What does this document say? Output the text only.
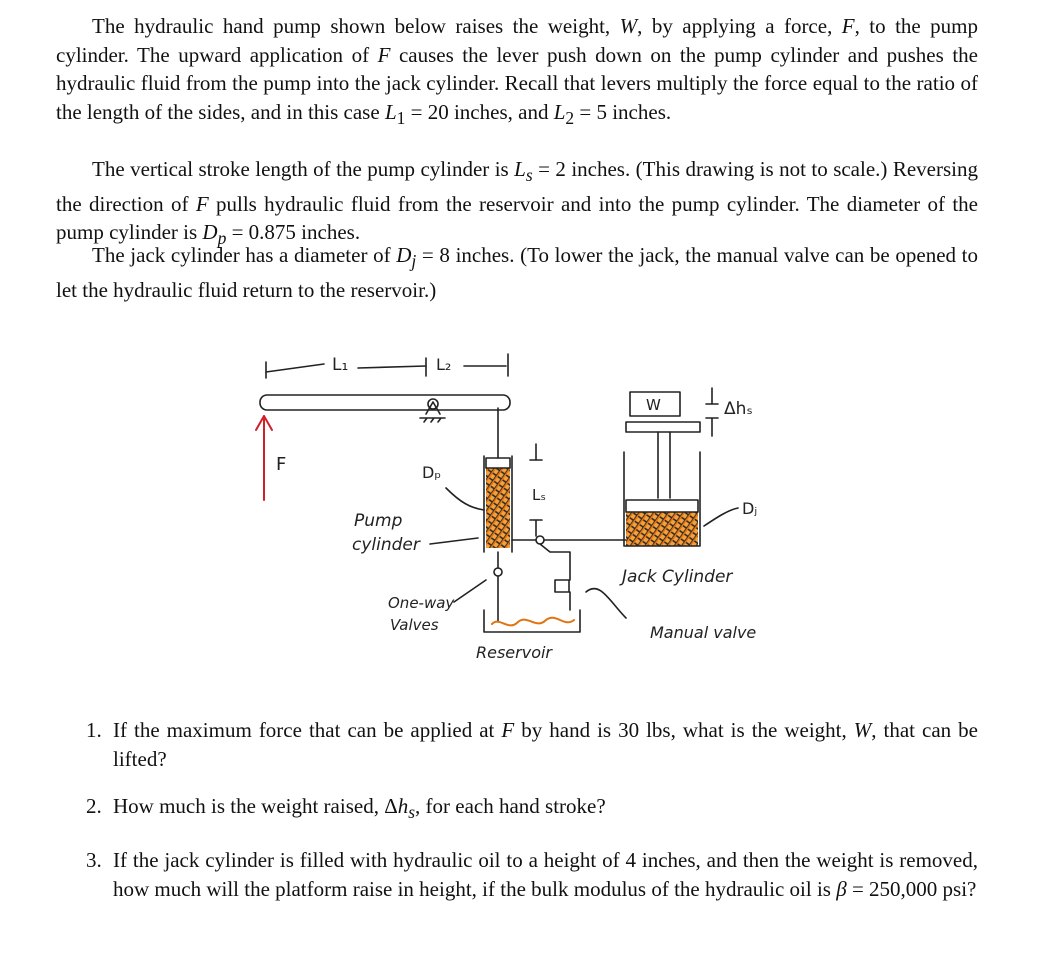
The hydraulic hand pump shown below raises the weight, W, by applying a force, F, to the pump cylinder. The upward application of F causes the lever push down on the pump cylinder and pushes the hydraulic fluid from the pump into the jack cylinder. Recall that levers multiply the force equal to the ratio of the length of the sides, and in this case $L_1 = 20$ inches, and $L_2 = 5$ inches.

The vertical stroke length of the pump cylinder is $L_s = 2$ inches. (This drawing is not to scale.) Reversing the direction of F pulls hydraulic fluid from the reservoir and into the pump cylinder. The diameter of the pump cylinder is $D_p = 0.875$ inches.

The jack cylinder has a diameter of $D_j = 8$ inches. (To lower the jack, the manual valve can be opened to let the hydraulic fluid return to the reservoir.)

L₁	L₂
F	Dₚ
Lₛ
Pump
cylinder
One-way
Valves
Reservoir
Manual valve
W	Δhₛ
Dⱼ
Jack Cylinder
1. If the maximum force that can be applied at F by hand is 30 lbs, what is the weight, W, that can be lifted?
2. How much is the weight raised, $\Delta h_s$, for each hand stroke?
3. If the jack cylinder is filled with hydraulic oil to a height of 4 inches, and then the weight is removed, how much will the platform raise in height, if the bulk modulus of the hydraulic oil is β = 250,000 psi?
